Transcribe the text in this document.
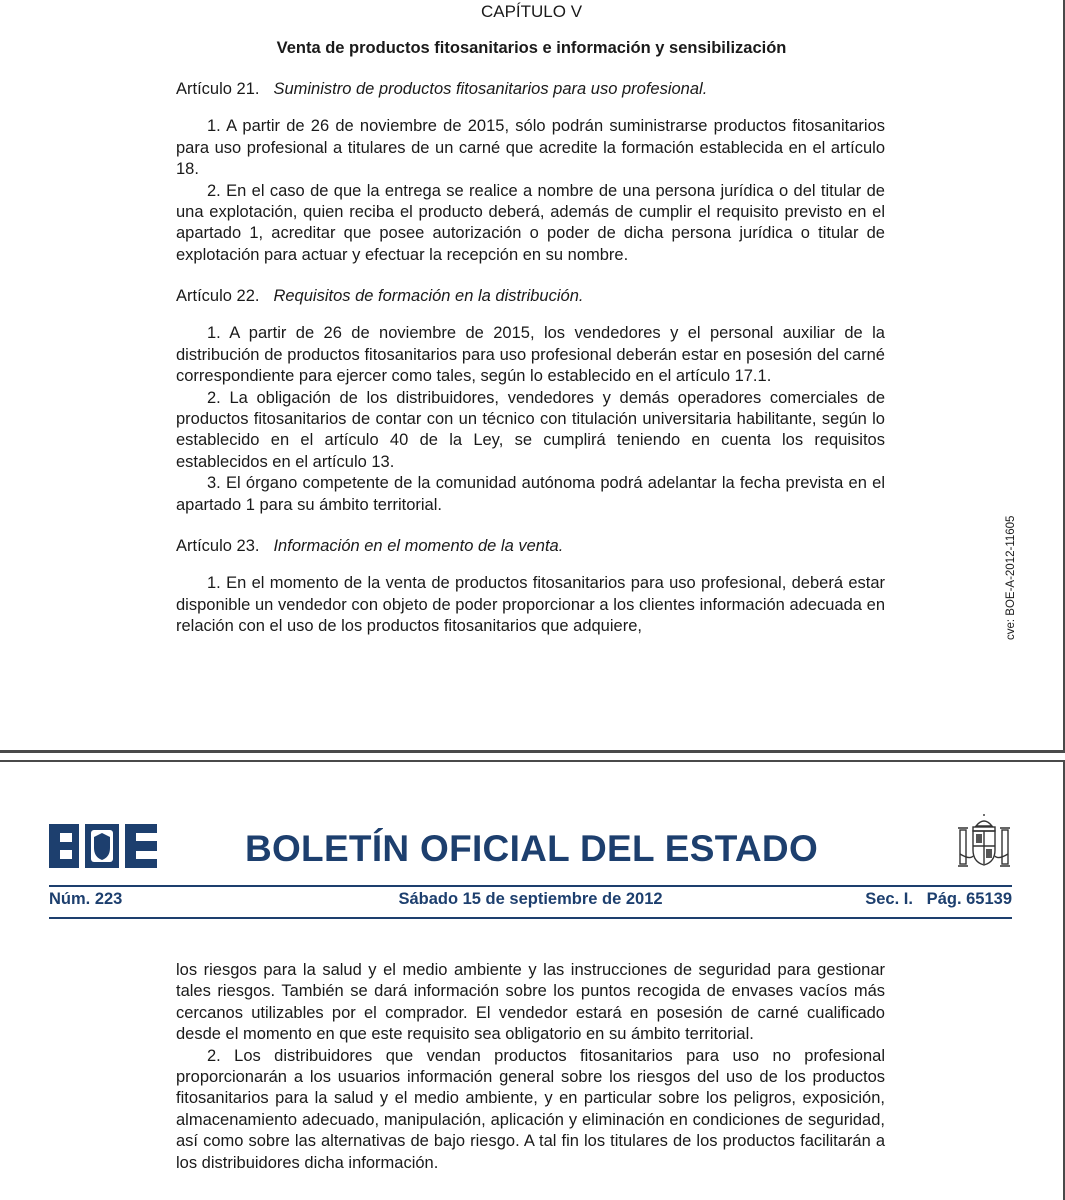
CAPÍTULO V
Venta de productos fitosanitarios e información y sensibilización
Artículo 21. Suministro de productos fitosanitarios para uso profesional.

1. A partir de 26 de noviembre de 2015, sólo podrán suministrarse productos fitosanitarios para uso profesional a titulares de un carné que acredite la formación establecida en el artículo 18.

2. En el caso de que la entrega se realice a nombre de una persona jurídica o del titular de una explotación, quien reciba el producto deberá, además de cumplir el requisito previsto en el apartado 1, acreditar que posee autorización o poder de dicha persona jurídica o titular de explotación para actuar y efectuar la recepción en su nombre.

Artículo 22. Requisitos de formación en la distribución.

1. A partir de 26 de noviembre de 2015, los vendedores y el personal auxiliar de la distribución de productos fitosanitarios para uso profesional deberán estar en posesión del carné correspondiente para ejercer como tales, según lo establecido en el artículo 17.1.

2. La obligación de los distribuidores, vendedores y demás operadores comerciales de productos fitosanitarios de contar con un técnico con titulación universitaria habilitante, según lo establecido en el artículo 40 de la Ley, se cumplirá teniendo en cuenta los requisitos establecidos en el artículo 13.

3. El órgano competente de la comunidad autónoma podrá adelantar la fecha prevista en el apartado 1 para su ámbito territorial.

Artículo 23. Información en el momento de la venta.

1. En el momento de la venta de productos fitosanitarios para uso profesional, deberá estar disponible un vendedor con objeto de poder proporcionar a los clientes información adecuada en relación con el uso de los productos fitosanitarios que adquiere,	cve: BOE-A-2012-11605
BOLETÍN OFICIAL DEL ESTADO
Núm. 223	Sábado 15 de septiembre de 2012	Sec. I.   Pág. 65139

los riesgos para la salud y el medio ambiente y las instrucciones de seguridad para gestionar tales riesgos. También se dará información sobre los puntos recogida de envases vacíos más cercanos utilizables por el comprador. El vendedor estará en posesión de carné cualificado desde el momento en que este requisito sea obligatorio en su ámbito territorial.

2. Los distribuidores que vendan productos fitosanitarios para uso no profesional proporcionarán a los usuarios información general sobre los riesgos del uso de los productos fitosanitarios para la salud y el medio ambiente, y en particular sobre los peligros, exposición, almacenamiento adecuado, manipulación, aplicación y eliminación en condiciones de seguridad, así como sobre las alternativas de bajo riesgo. A tal fin los titulares de los productos facilitarán a los distribuidores dicha información.
